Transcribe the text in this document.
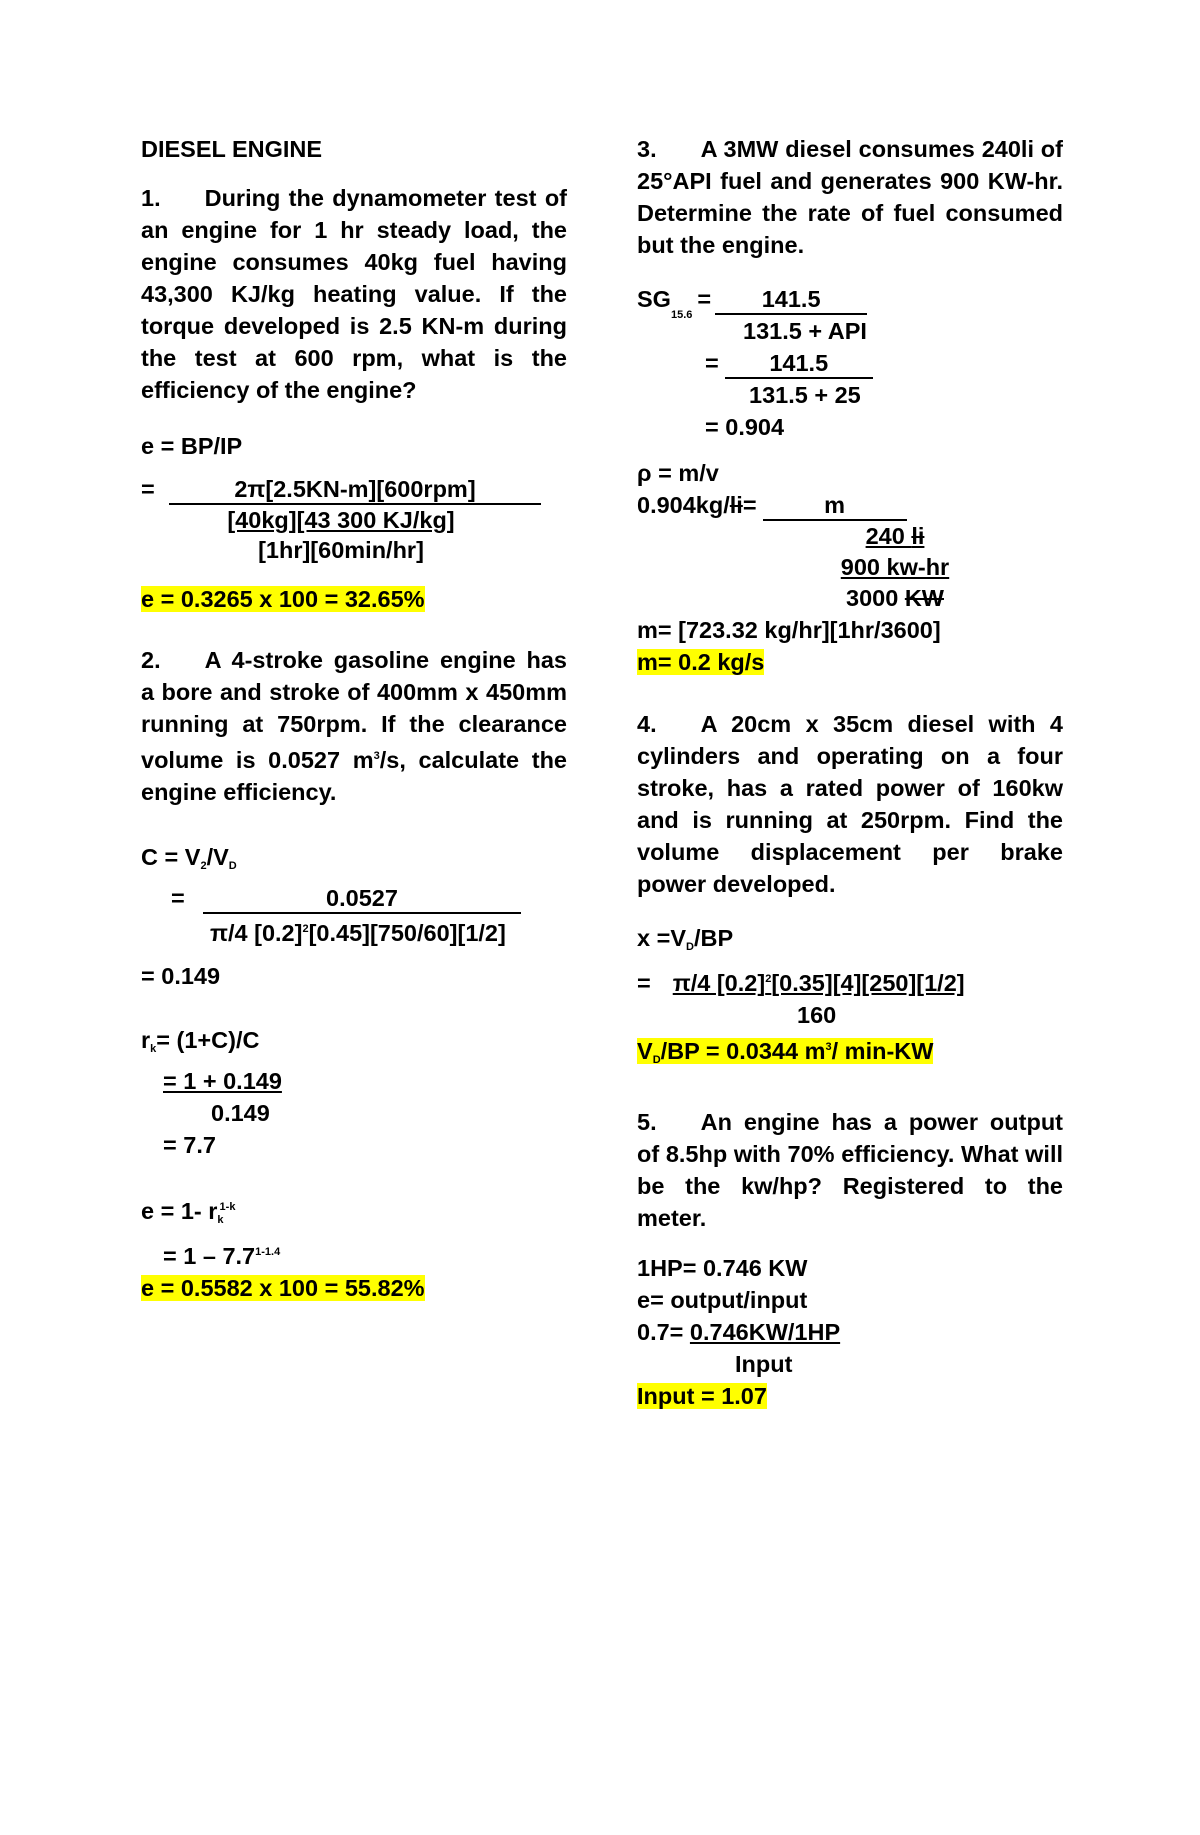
DIESEL ENGINE

1. During the dynamometer test of an engine for 1 hr steady load, the engine consumes 40kg fuel having 43,300 KJ/kg heating value. If the torque developed is 2.5 KN-m during the test at 600 rpm, what is the efficiency of the engine?

e = BP/IP

=	2π[2.5KN-m][600rpm]
[40kg][43 300 KJ/kg]
[1hr][60min/hr]

e = 0.3265 x 100 = 32.65%

2. A 4-stroke gasoline engine has a bore and stroke of 400mm x 450mm running at 750rpm. If the clearance volume is 0.0527 $m^3/s$, calculate the engine efficiency.

$C = V_2/V_D$

=	0.0527
π/4 $[0.2]^2[0.45][750/60][1/2]$

= 0.149

$r_k= (1+C)/C$

= 1 + 0.149

0.149

= 7.7

e = 1- $r_k^{1-k}$

= $1 - 7.7^{1-1.4}$

e = 0.5582 x 100 = 55.82%

3. A 3MW diesel consumes 240li of 25°API fuel and generates 900 KW-hr. Determine the rate of fuel consumed but the engine.

SG
15.6
=	141.5
131.5 + API
=	141.5
131.5 + 25
= 0.904

ρ = m/v

0.904kg/ li =	m
240 li
900 kw-hr
3000 KW

m= [723.32 kg/hr][1hr/3600]

m= 0.2 kg/s

4. A 20cm x 35cm diesel with 4 cylinders and operating on a four stroke, has a rated power of 160kw and is running at 250rpm. Find the volume displacement per brake power developed.

$x =V_D/BP$

= π/4 $[0.2]^2[0.35][4][250][1/2]$

160

$V_D/BP = 0.0344$ $m^3/$ min-KW

5. An engine has a power output of 8.5hp with 70% efficiency. What will be the kw/hp? Registered to the meter.

1HP= 0.746 KW

e= output/input

0.7= 0.746KW/1HP

Input

Input = 1.07
